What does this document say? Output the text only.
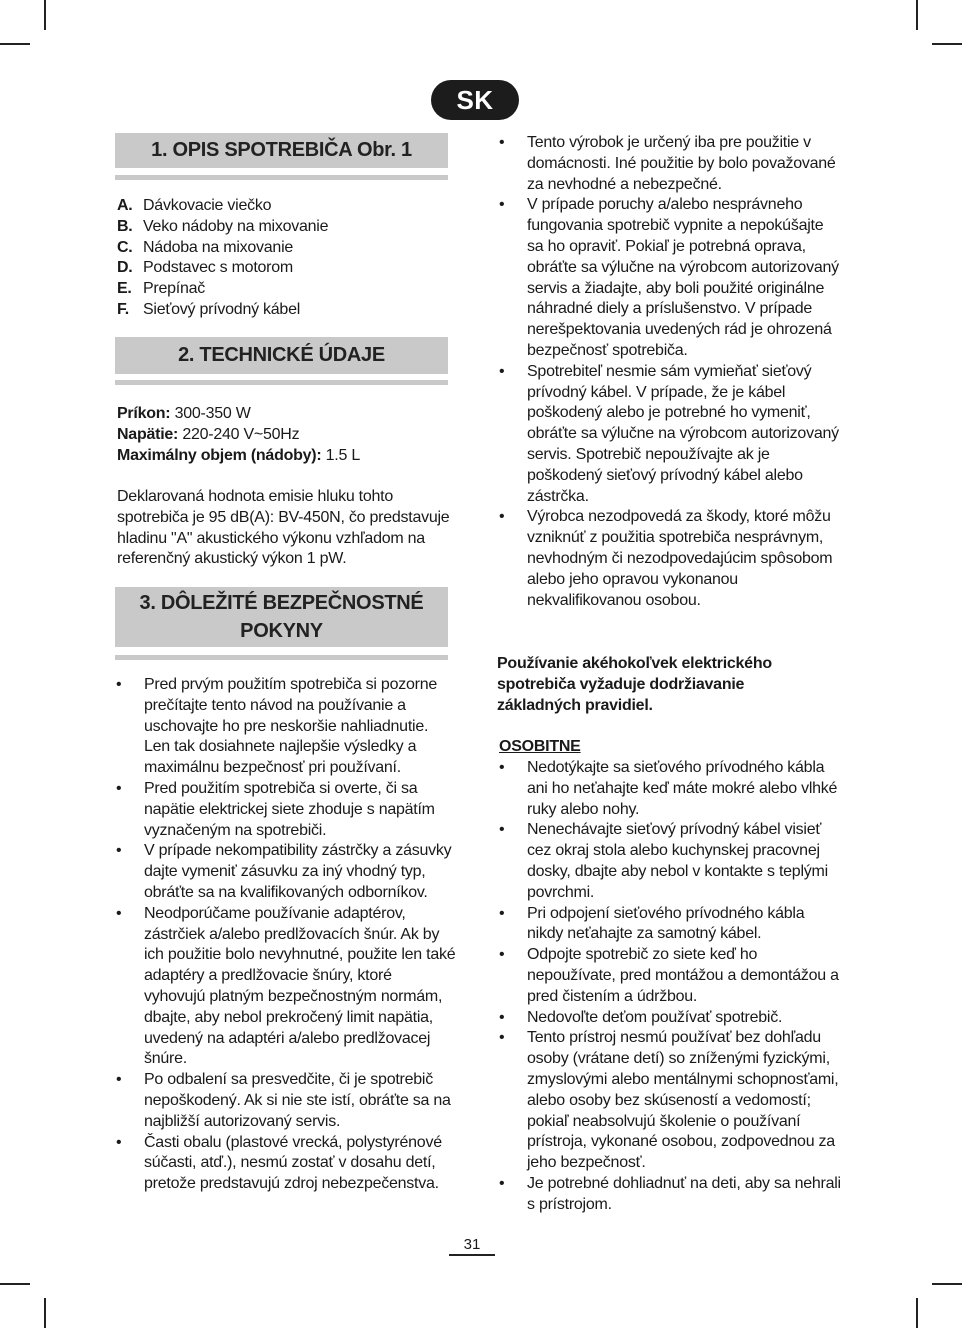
SK
1. OPIS SPOTREBIČA Obr. 1
A. Dávkovacie viečko
B. Veko nádoby na mixovanie
C. Nádoba na mixovanie
D. Podstavec s motorom
E. Prepínač
F. Sieťový prívodný kábel
2. TECHNICKÉ ÚDAJE
Príkon: 300-350 W
Napätie: 220-240 V~50Hz
Maximálny objem (nádoby): 1.5 L
Deklarovaná hodnota emisie hluku tohto spotrebiča je 95 dB(A): BV-450N, čo predstavuje hladinu "A" akustického výkonu vzhľadom na referenčný akustický výkon 1 pW.
3. DÔLEŽITÉ BEZPEČNOSTNÉ
POKYNY
• Pred prvým použitím spotrebiča si pozorne prečítajte tento návod na používanie a uschovajte ho pre neskoršie nahliadnutie. Len tak dosiahnete najlepšie výsledky a maximálnu bezpečnosť pri používaní.
• Pred použitím spotrebiča si overte, či sa napätie elektrickej siete zhoduje s napätím vyznačeným na spotrebiči.
• V prípade nekompatibility zástrčky a zásuvky dajte vymeniť zásuvku za iný vhodný typ, obráťte sa na kvalifikovaných odborníkov.
• Neodporúčame používanie adaptérov, zástrčiek a/alebo predlžovacích šnúr. Ak by ich použitie bolo nevyhnutné, použite len také adaptéry a predlžovacie šnúry, ktoré vyhovujú platným bezpečnostným normám, dbajte, aby nebol prekročený limit napätia, uvedený na adaptéri a/alebo predlžovacej šnúre.
• Po odbalení sa presvedčite, či je spotrebič nepoškodený. Ak si nie ste istí, obráťte sa na najbližší autorizovaný servis.
• Časti obalu (plastové vrecká, polystyrénové súčasti, atď.), nesmú zostať v dosahu detí, pretože predstavujú zdroj nebezpečenstva.
• Tento výrobok je určený iba pre použitie v domácnosti. Iné použitie by bolo považované za nevhodné a nebezpečné.
• V prípade poruchy a/alebo nesprávneho fungovania spotrebič vypnite a nepokúšajte sa ho opraviť. Pokiaľ je potrebná oprava, obráťte sa výlučne na výrobcom autorizovaný servis a žiadajte, aby boli použité originálne náhradné diely a príslušenstvo. V prípade nerešpektovania uvedených rád je ohrozená bezpečnosť spotrebiča.
• Spotrebiteľ nesmie sám vymieňať sieťový prívodný kábel. V prípade, že je kábel poškodený alebo je potrebné ho vymeniť, obráťte sa výlučne na výrobcom autorizovaný servis. Spotrebič nepoužívajte ak je poškodený sieťový prívodný kábel alebo zástrčka.
• Výrobca nezodpovedá za škody, ktoré môžu vzniknúť z použitia spotrebiča nesprávnym, nevhodným či nezodpovedajúcim spôsobom alebo jeho opravou vykonanou nekvalifikovanou osobou.
Používanie akéhokoľvek elektrického spotrebiča vyžaduje dodržiavanie základných pravidiel.
OSOBITNE
• Nedotýkajte sa sieťového prívodného kábla ani ho neťahajte keď máte mokré alebo vlhké ruky alebo nohy.
• Nenechávajte sieťový prívodný kábel visieť cez okraj stola alebo kuchynskej pracovnej dosky, dbajte aby nebol v kontakte s teplými povrchmi.
• Pri odpojení sieťového prívodného kábla nikdy neťahajte za samotný kábel.
• Odpojte spotrebič zo siete keď ho nepoužívate, pred montážou a demontážou a pred čistením a údržbou.
• Nedovoľte deťom používať spotrebič.
• Tento prístroj nesmú používať bez dohľadu osoby (vrátane detí) so zníženými fyzickými, zmyslovými alebo mentálnymi schopnosťami, alebo osoby bez skúseností a vedomostí; pokiaľ neabsolvujú školenie o používaní prístroja, vykonané osobou, zodpovednou za jeho bezpečnosť.
• Je potrebné dohliadnuť na deti, aby sa nehrali s prístrojom.
31
